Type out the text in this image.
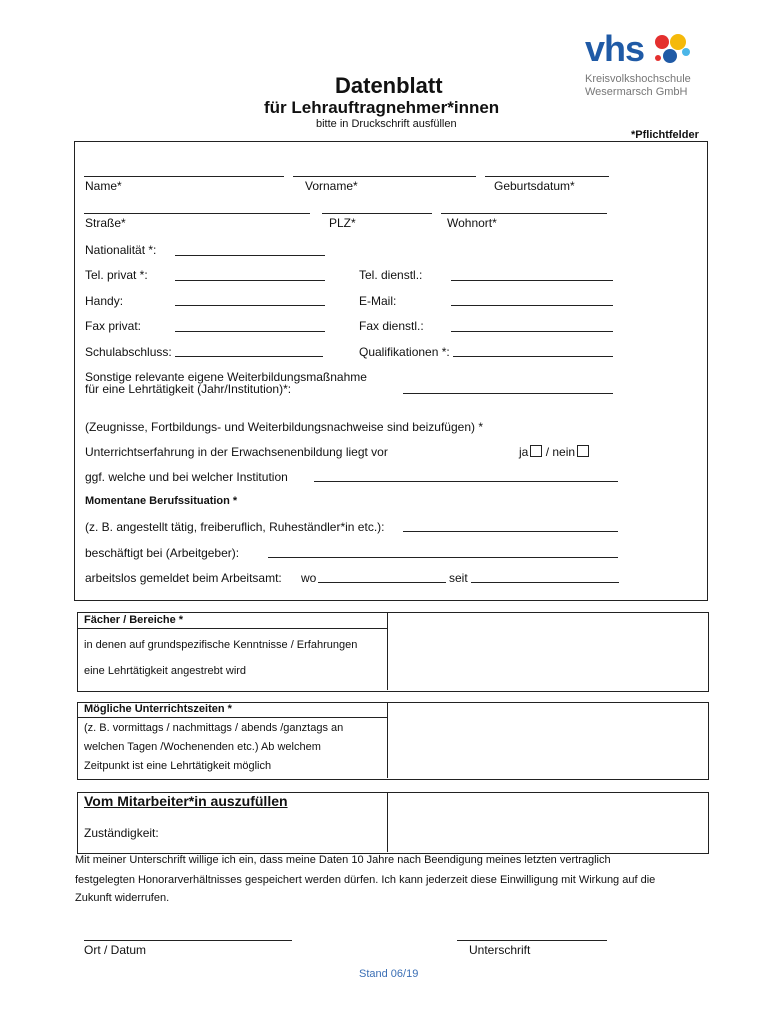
vhs
Kreisvolkshochschule
Wesermarsch GmbH
Datenblatt
für Lehrauftragnehmer*innen
bitte in Druckschrift ausfüllen
*Pflichtfelder
Name*	Vorname*	Geburtsdatum*
Straße*	PLZ*	Wohnort*
Nationalität *:
Tel. privat *:	Tel. dienstl.:
Handy:	E-Mail:
Fax privat:	Fax dienstl.:
Schulabschluss:	Qualifikationen *:
Sonstige relevante eigene Weiterbildungsmaßnahme
für eine Lehrtätigkeit (Jahr/Institution)*:
(Zeugnisse, Fortbildungs- und Weiterbildungsnachweise sind beizufügen) *
Unterrichtserfahrung in der Erwachsenenbildung liegt vor	ja / nein
ggf. welche und bei welcher Institution
Momentane Berufssituation *
(z. B. angestellt tätig, freiberuflich, Ruheständler*in etc.):
beschäftigt bei (Arbeitgeber):
arbeitslos gemeldet beim Arbeitsamt: wo	seit
Fächer / Bereiche *
in denen auf grundspezifische Kenntnisse / Erfahrungen
eine Lehrtätigkeit angestrebt wird
Mögliche Unterrichtszeiten *
(z. B. vormittags / nachmittags / abends /ganztags an
welchen Tagen /Wochenenden etc.) Ab welchem
Zeitpunkt ist eine Lehrtätigkeit möglich
Vom Mitarbeiter*in auszufüllen
Zuständigkeit:
Mit meiner Unterschrift willige ich ein, dass meine Daten 10 Jahre nach Beendigung meines letzten vertraglich
festgelegten Honorarverhältnisses gespeichert werden dürfen. Ich kann jederzeit diese Einwilligung mit Wirkung auf die
Zukunft widerrufen.
Ort / Datum	Unterschrift
Stand 06/19
